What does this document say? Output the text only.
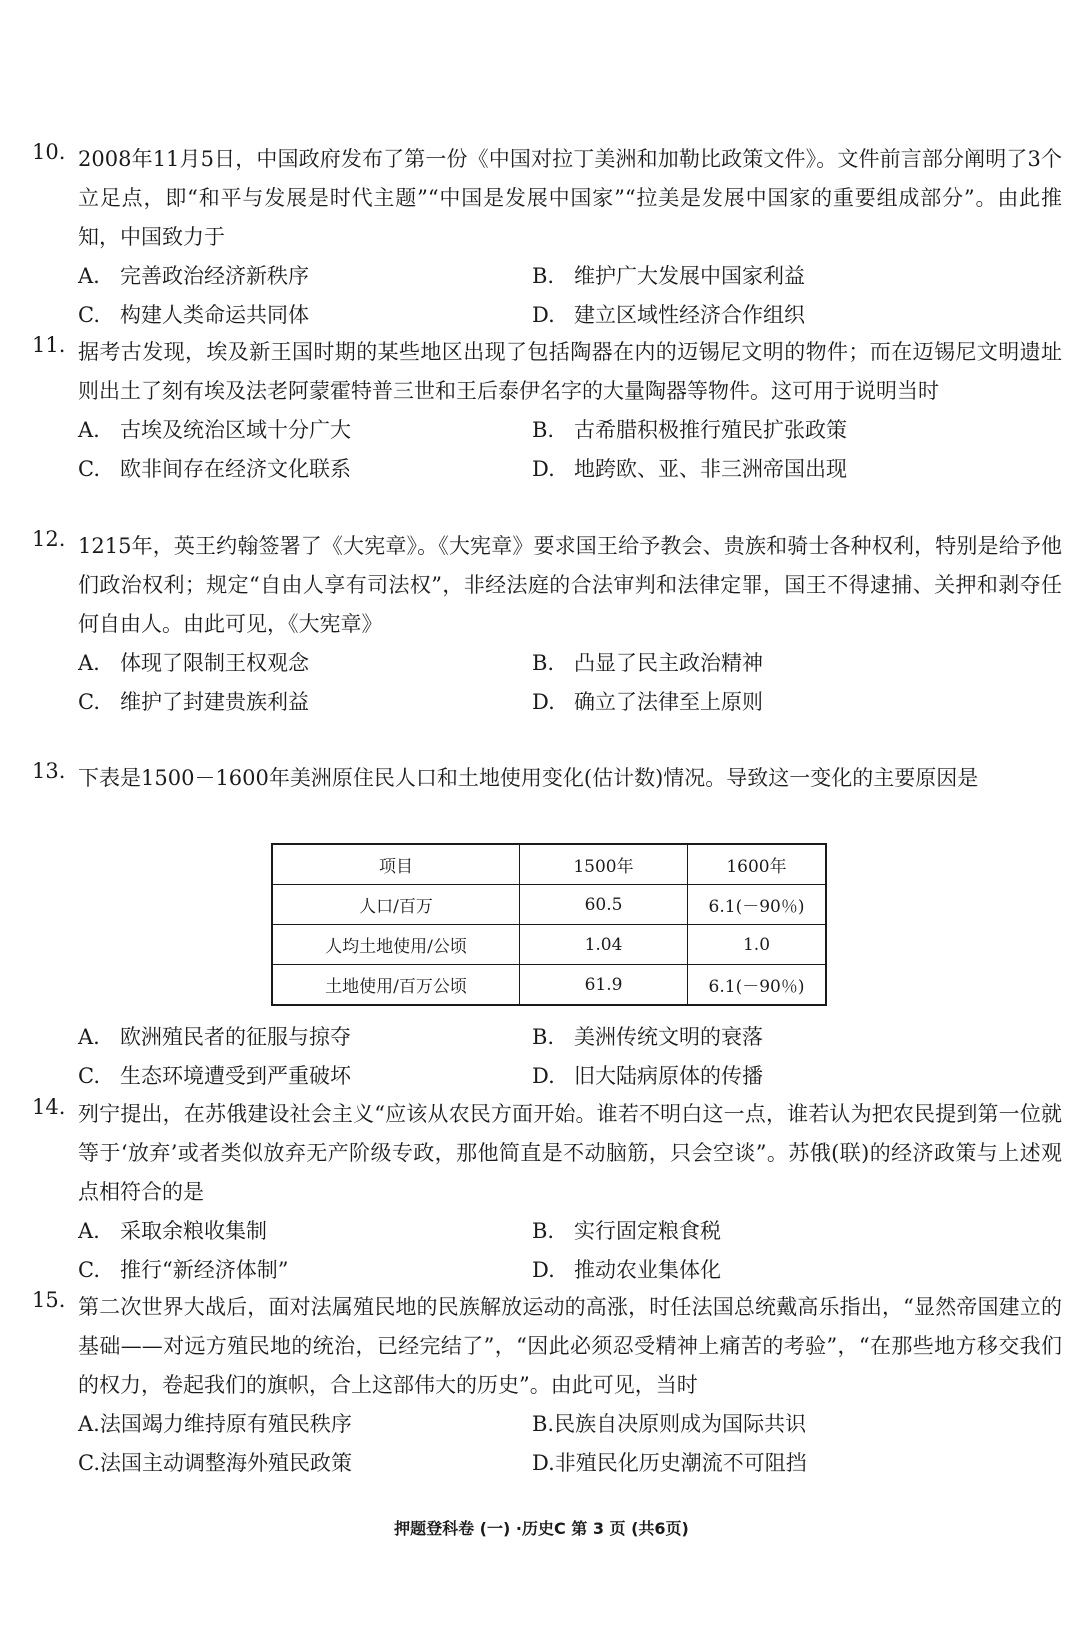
10. 2008年11月5日，中国政府发布了第一份《中国对拉丁美洲和加勒比政策文件》。文件前言部分阐明了3个立足点，即“和平与发展是时代主题”“中国是发展中国家”“拉美是发展中国家的重要组成部分”。由此推知，中国致力于
A. 完善政治经济新秩序	B. 维护广大发展中国家利益
C. 构建人类命运共同体	D. 建立区域性经济合作组织
11. 据考古发现，埃及新王国时期的某些地区出现了包括陶器在内的迈锡尼文明的物件；而在迈锡尼文明遗址则出土了刻有埃及法老阿蒙霍特普三世和王后泰伊名字的大量陶器等物件。这可用于说明当时
A. 古埃及统治区域十分广大	B. 古希腊积极推行殖民扩张政策
C. 欧非间存在经济文化联系	D. 地跨欧、亚、非三洲帝国出现
12. 1215年，英王约翰签署了《大宪章》。《大宪章》要求国王给予教会、贵族和骑士各种权利，特别是给予他们政治权利；规定“自由人享有司法权”，非经法庭的合法审判和法律定罪，国王不得逮捕、关押和剥夺任何自由人。由此可见，《大宪章》
A. 体现了限制王权观念	B. 凸显了民主政治精神
C. 维护了封建贵族利益	D. 确立了法律至上原则
13. 下表是1500－1600年美洲原住民人口和土地使用变化(估计数)情况。导致这一变化的主要原因是
项目	1500年	1600年
人口/百万	60.5	6.1(－90％)
人均土地使用/公顷	1.04	1.0
土地使用/百万公顷	61.9	6.1(－90％)
A. 欧洲殖民者的征服与掠夺	B. 美洲传统文明的衰落
C. 生态环境遭受到严重破坏	D. 旧大陆病原体的传播
14. 列宁提出，在苏俄建设社会主义“应该从农民方面开始。谁若不明白这一点，谁若认为把农民提到第一位就等于‘放弃’或者类似放弃无产阶级专政，那他简直是不动脑筋，只会空谈”。苏俄(联)的经济政策与上述观点相符合的是
A. 采取余粮收集制	B. 实行固定粮食税
C. 推行“新经济体制”	D. 推动农业集体化
15. 第二次世界大战后，面对法属殖民地的民族解放运动的高涨，时任法国总统戴高乐指出，“显然帝国建立的基础——对远方殖民地的统治，已经完结了”，“因此必须忍受精神上痛苦的考验”，“在那些地方移交我们的权力，卷起我们的旗帜，合上这部伟大的历史”。由此可见，当时
A.法国竭力维持原有殖民秩序	B.民族自决原则成为国际共识
C.法国主动调整海外殖民政策	D.非殖民化历史潮流不可阻挡
押题登科卷 (一) ·历史C 第 3 页 (共6页)
